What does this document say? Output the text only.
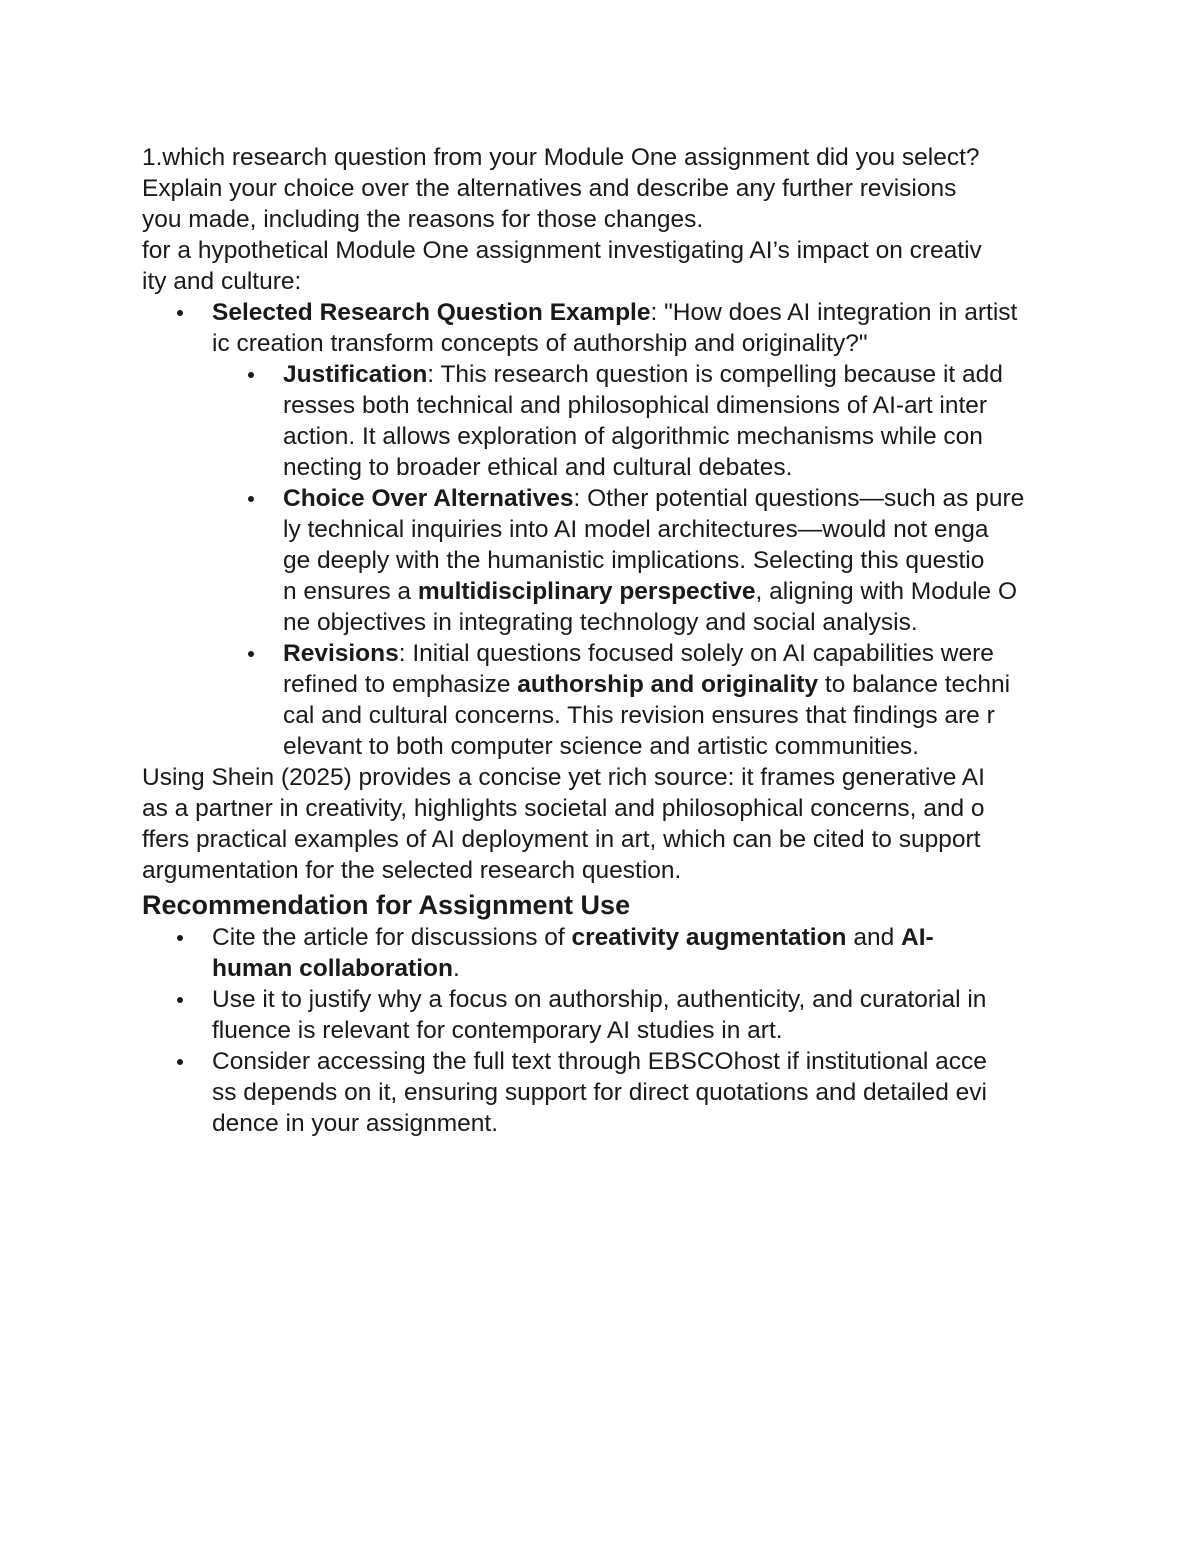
1.which research question from your Module One assignment did you select?
Explain your choice over the alternatives and describe any further revisions
you made, including the reasons for those changes.
for a hypothetical Module One assignment investigating AI’s impact on creativ
ity and culture:
Selected Research Question Example: "How does AI integration in artist
ic creation transform concepts of authorship and originality?"
Justification: This research question is compelling because it add
resses both technical and philosophical dimensions of AI-art inter
action. It allows exploration of algorithmic mechanisms while con
necting to broader ethical and cultural debates.
Choice Over Alternatives: Other potential questions—such as pure
ly technical inquiries into AI model architectures—would not enga
ge deeply with the humanistic implications. Selecting this questio
n ensures a multidisciplinary perspective, aligning with Module O
ne objectives in integrating technology and social analysis.
Revisions: Initial questions focused solely on AI capabilities were
refined to emphasize authorship and originality to balance techni
cal and cultural concerns. This revision ensures that findings are r
elevant to both computer science and artistic communities.
Using Shein (2025) provides a concise yet rich source: it frames generative AI
as a partner in creativity, highlights societal and philosophical concerns, and o
ffers practical examples of AI deployment in art, which can be cited to support
argumentation for the selected research question.
Recommendation for Assignment Use
Cite the article for discussions of creativity augmentation and AI-
human collaboration.
Use it to justify why a focus on authorship, authenticity, and curatorial in
fluence is relevant for contemporary AI studies in art.
Consider accessing the full text through EBSCOhost if institutional acce
ss depends on it, ensuring support for direct quotations and detailed evi
dence in your assignment.
